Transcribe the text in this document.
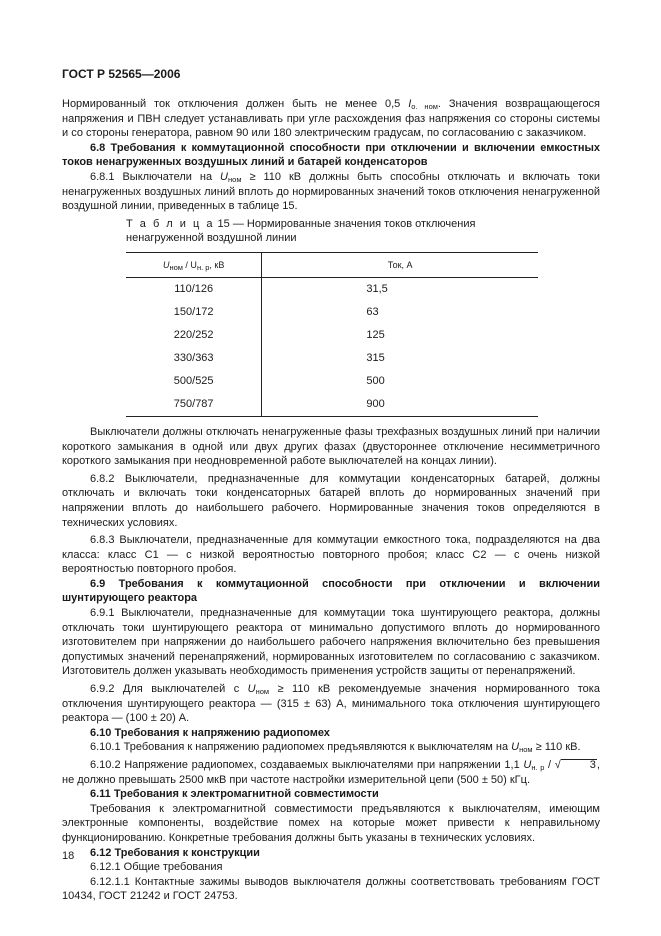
ГОСТ Р 52565—2006

Нормированный ток отключения должен быть не менее 0,5 $I_{о. ном}$. Значения возвращающегося напряжения и ПВН следует устанавливать при угле расхождения фаз напряжения со стороны системы и со стороны генератора, равном 90 или 180 электрическим градусам, по согласованию с заказчиком.

6.8 Требования к коммутационной способности при отключении и включении емкостных токов ненагруженных воздушных линий и батарей конденсаторов

6.8.1 Выключатели на $U_{ном} \ge 110$ кВ должны быть способны отключать и включать токи ненагруженных воздушных линий вплоть до нормированных значений токов отключения ненагруженной воздушной линии, приведенных в таблице 15.

Т а б л и ц а 15 — Нормированные значения токов отключения ненагруженной воздушной линии

$U_{ном} / U_{н. р}$, кВ	Ток, А
110/126	31,5
150/172	63
220/252	125
330/363	315
500/525	500
750/787	900

Выключатели должны отключать ненагруженные фазы трехфазных воздушных линий при наличии короткого замыкания в одной или двух других фазах (двустороннее отключение несимметричного короткого замыкания при неодновременной работе выключателей на концах линии).

6.8.2 Выключатели, предназначенные для коммутации конденсаторных батарей, должны отключать и включать токи конденсаторных батарей вплоть до нормированных значений при напряжении вплоть до наибольшего рабочего. Нормированные значения токов определяются в технических условиях.

6.8.3 Выключатели, предназначенные для коммутации емкостного тока, подразделяются на два класса: класс С1 — с низкой вероятностью повторного пробоя; класс С2 — с очень низкой вероятностью повторного пробоя.

6.9 Требования к коммутационной способности при отключении и включении шунтирующего реактора

6.9.1 Выключатели, предназначенные для коммутации тока шунтирующего реактора, должны отключать токи шунтирующего реактора от минимально допустимого вплоть до нормированного изготовителем при напряжении до наибольшего рабочего напряжения включительно без превышения допустимых значений перенапряжений, нормированных изготовителем по согласованию с заказчиком. Изготовитель должен указывать необходимость применения устройств защиты от перенапряжений.

6.9.2 Для выключателей с $U_{ном} \ge 110$ кВ рекомендуемые значения нормированного тока отключения шунтирующего реактора — (315 ± 63) А, минимального тока отключения шунтирующего реактора — (100 ± 20) А.

6.10 Требования к напряжению радиопомех

6.10.1 Требования к напряжению радиопомех предъявляются к выключателям на $U_{ном} \ge 110$ кВ.

6.10.2 Напряжение радиопомех, создаваемых выключателями при напряжении 1,1 $U_{н. р}$ / √	3, не должно превышать 2500 мкВ при частоте настройки измерительной цепи (500 ± 50) кГц.

6.11 Требования к электромагнитной совместимости

Требования к электромагнитной совместимости предъявляются к выключателям, имеющим электронные компоненты, воздействие помех на которые может привести к неправильному функционированию. Конкретные требования должны быть указаны в технических условиях.

6.12 Требования к конструкции

6.12.1 Общие требования

6.12.1.1 Контактные зажимы выводов выключателя должны соответствовать требованиям ГОСТ 10434, ГОСТ 21242 и ГОСТ 24753.

18
